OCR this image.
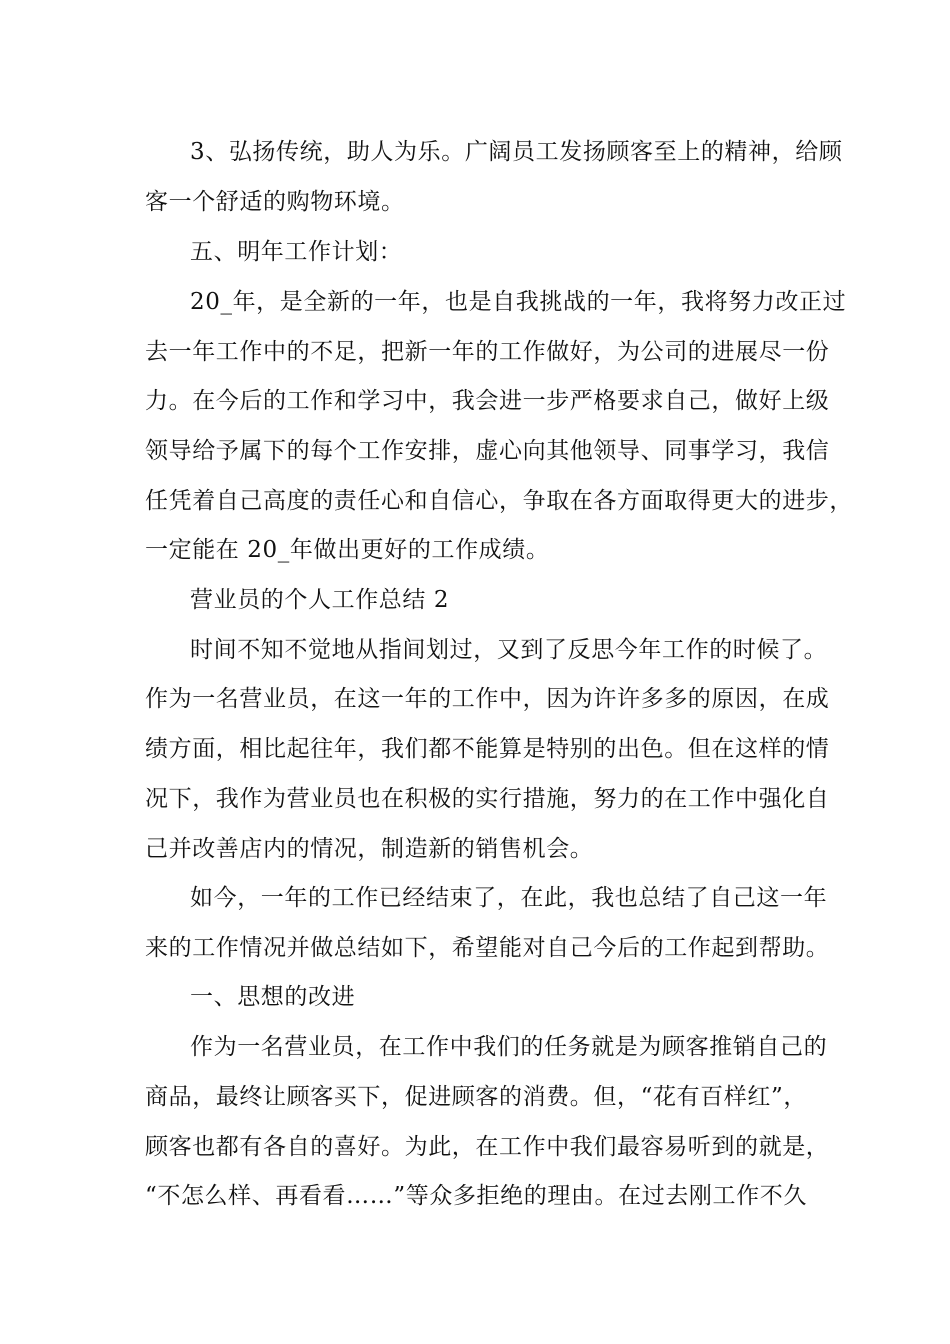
3、弘扬传统，助人为乐。广阔员工发扬顾客至上的精神，给顾
客一个舒适的购物环境。
五、明年工作计划：
20_年，是全新的一年，也是自我挑战的一年，我将努力改正过
去一年工作中的不足，把新一年的工作做好，为公司的进展尽一份
力。在今后的工作和学习中，我会进一步严格要求自己，做好上级
领导给予属下的每个工作安排，虚心向其他领导、同事学习，我信
任凭着自己高度的责任心和自信心，争取在各方面取得更大的进步，
一定能在 20_年做出更好的工作成绩。
营业员的个人工作总结 2
时间不知不觉地从指间划过，又到了反思今年工作的时候了。
作为一名营业员，在这一年的工作中，因为许许多多的原因，在成
绩方面，相比起往年，我们都不能算是特别的出色。但在这样的情
况下，我作为营业员也在积极的实行措施，努力的在工作中强化自
己并改善店内的情况，制造新的销售机会。
如今，一年的工作已经结束了，在此，我也总结了自己这一年
来的工作情况并做总结如下，希望能对自己今后的工作起到帮助。
一、思想的改进
作为一名营业员，在工作中我们的任务就是为顾客推销自己的
商品，最终让顾客买下，促进顾客的消费。但，“花有百样红”，
顾客也都有各自的喜好。为此，在工作中我们最容易听到的就是，
“不怎么样、再看看……”等众多拒绝的理由。在过去刚工作不久
